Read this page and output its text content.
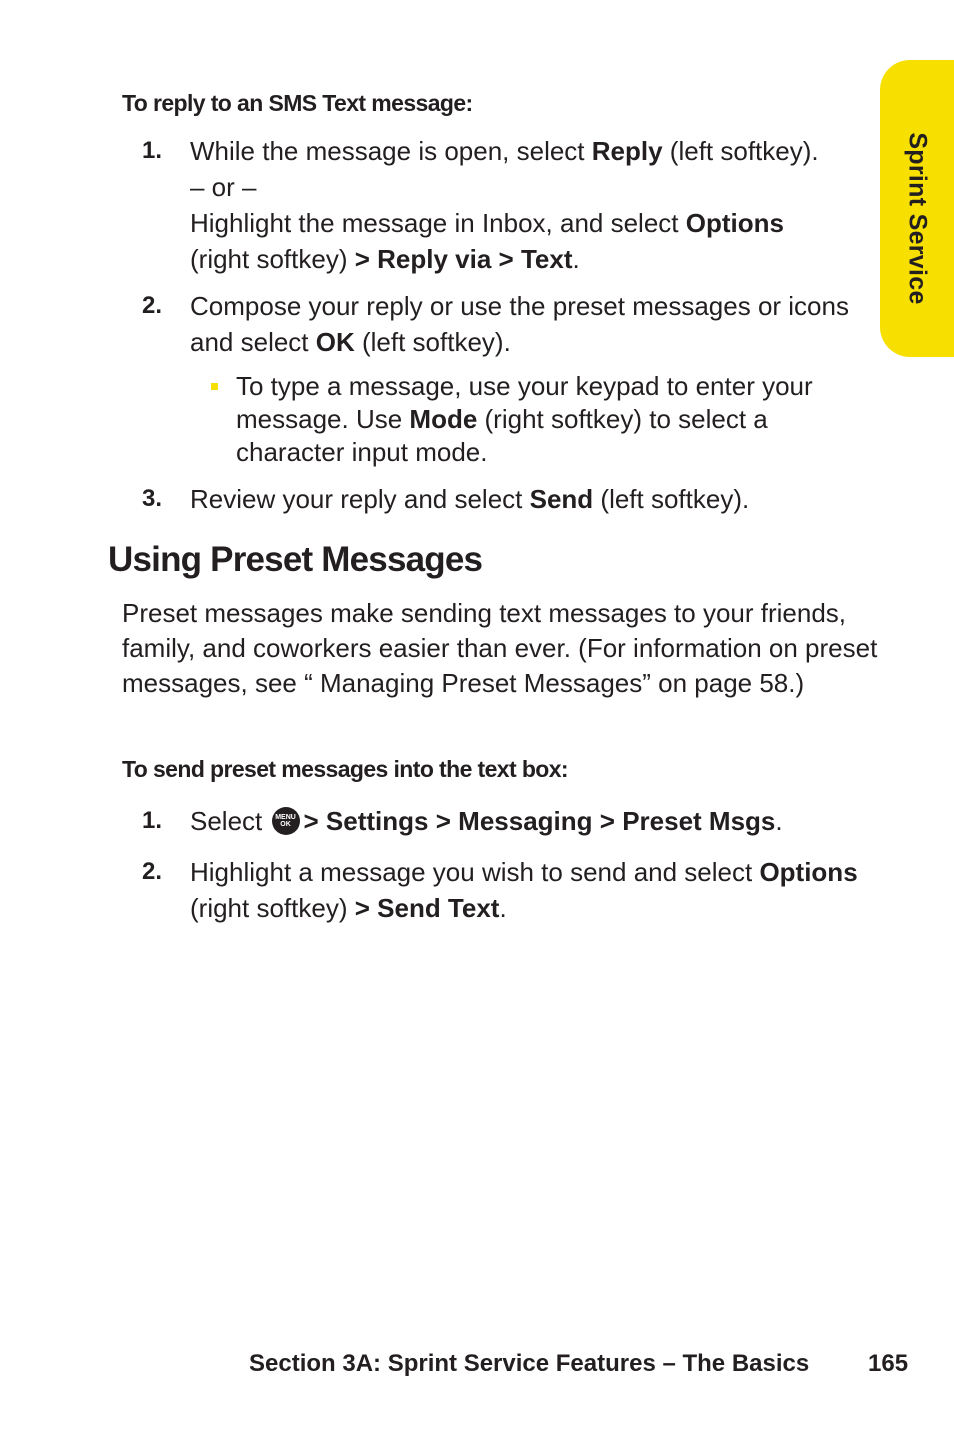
Sprint Service
To reply to an SMS Text message:
1. While the message is open, select Reply (left softkey).
– or –
Highlight the message in Inbox, and select Options
(right softkey) > Reply via > Text.
2. Compose your reply or use the preset messages or icons and select OK (left softkey).
To type a message, use your keypad to enter your message. Use Mode (right softkey) to select a character input mode.
3. Review your reply and select Send (left softkey).
Using Preset Messages
Preset messages make sending text messages to your friends, family, and coworkers easier than ever. (For information on preset messages, see “ Managing Preset Messages” on page 58.)
To send preset messages into the text box:
1. Select MENU
OK > Settings > Messaging > Preset Msgs.
2. Highlight a message you wish to send and select Options
(right softkey) > Send Text.
Section 3A: Sprint Service Features – The Basics 165
